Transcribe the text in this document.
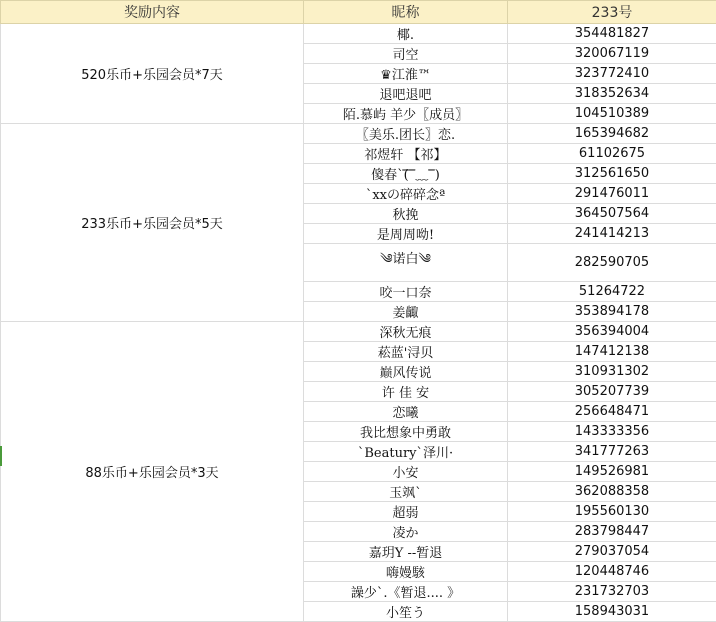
奖励内容	昵称	233号
520乐币+乐园会员*7天	椰.	354481827
	司空	320067119
	♛江淮™	323772410
	退吧退吧	318352634
	陌.慕屿 羊少〖成员〗	104510389
233乐币+乐园会员*5天	〖美乐.团长〗恋.	165394682
	祁煜轩 【祁】	61102675
	傻春ˋ(̿‾̿﹏‾̿)	312561650
	ˋxxの碎碎念ª	291476011
	秋挽	364507564
	是周周呦!	241414213
	༄诺白༄	282590705
	咬一口奈	51264722
	姜齱	353894178
88乐币+乐园会员*3天	深秋无痕	356394004
	菘蓝'浔贝	147412138
	巅风传说	310931302
	许 佳 安	305207739
	恋曦	256648471
	我比想象中勇敢	143333356
	ˋBeaturyˋ泽川·	341777263
	小安	149526981
	玉飒ˋ	362088358
	超弱	195560130
	凌か	283798447
	嘉玥Y --暂退	279037054
	嗨嫚駭	120448746
	譟少ˋ.《暂退.... 》	231732703
	小笙う	158943031
